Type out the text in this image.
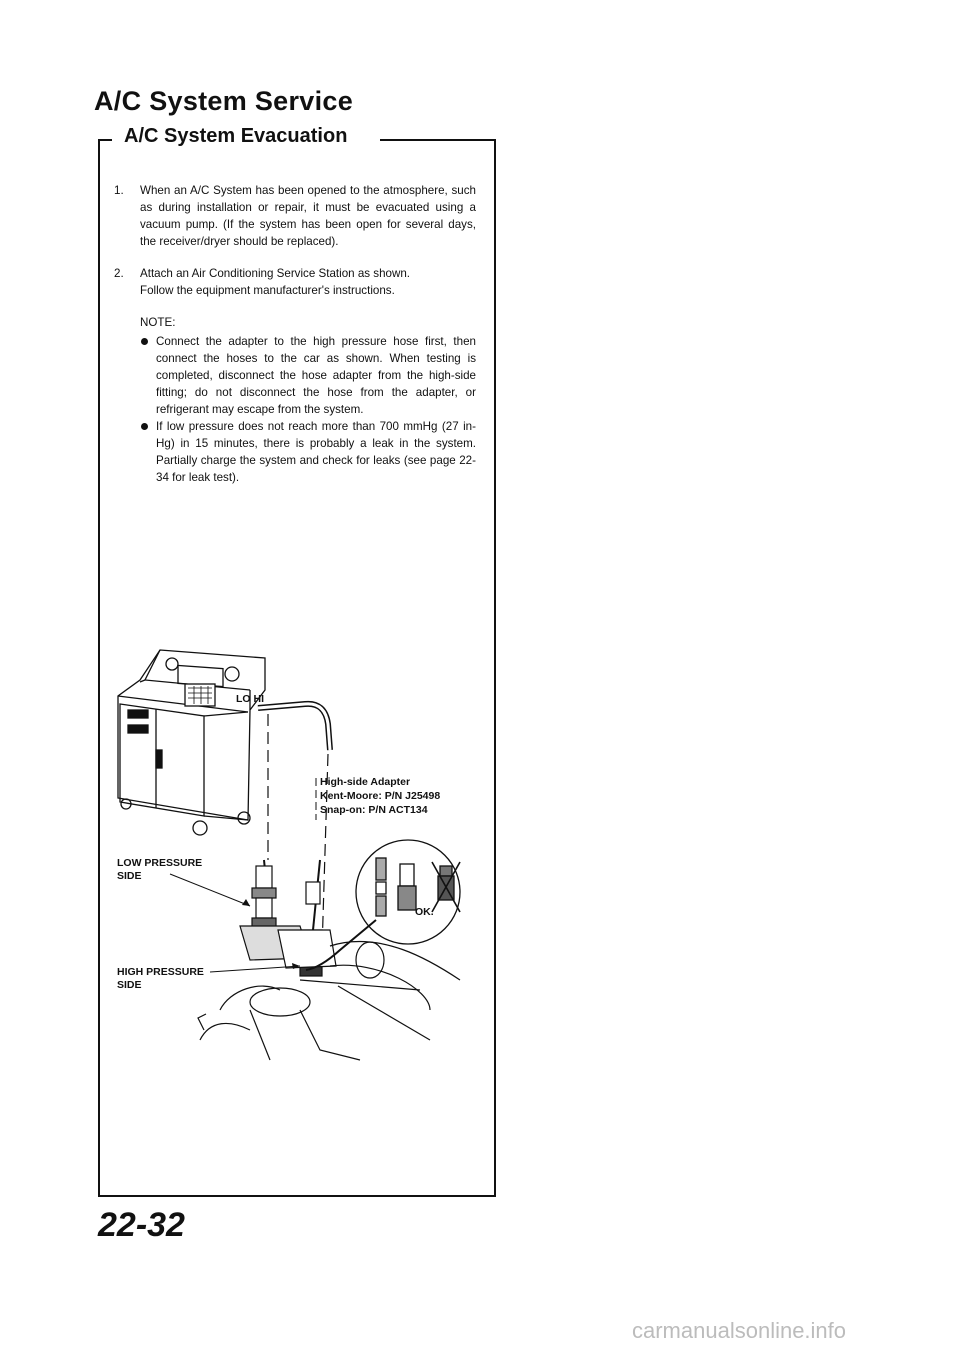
A/C System Service
A/C System Evacuation
1.	When an A/C System has been opened to the atmosphere, such as during installation or repair, it must be evacuated using a vacuum pump. (If the system has been open for several days, the receiver/dryer should be replaced).
2.	Attach an Air Conditioning Service Station as shown.
Follow the equipment manufacturer's instructions.
NOTE:
Connect the adapter to the high pressure hose first, then connect the hoses to the car as shown. When testing is completed, disconnect the hose adapter from the high-side fitting; do not disconnect the hose from the adapter, or refrigerant may escape from the system.
If low pressure does not reach more than 700 mmHg (27 in-Hg) in 15 minutes, there is probably a leak in the system. Partially charge the system and check for leaks (see page 22-34 for leak test).
LO HI
OK.
High-side Adapter
Kent-Moore: P/N J25498
Snap-on: P/N ACT134
LOW PRESSURE
SIDE
HIGH PRESSURE
SIDE
22-32
carmanualsonline.info
